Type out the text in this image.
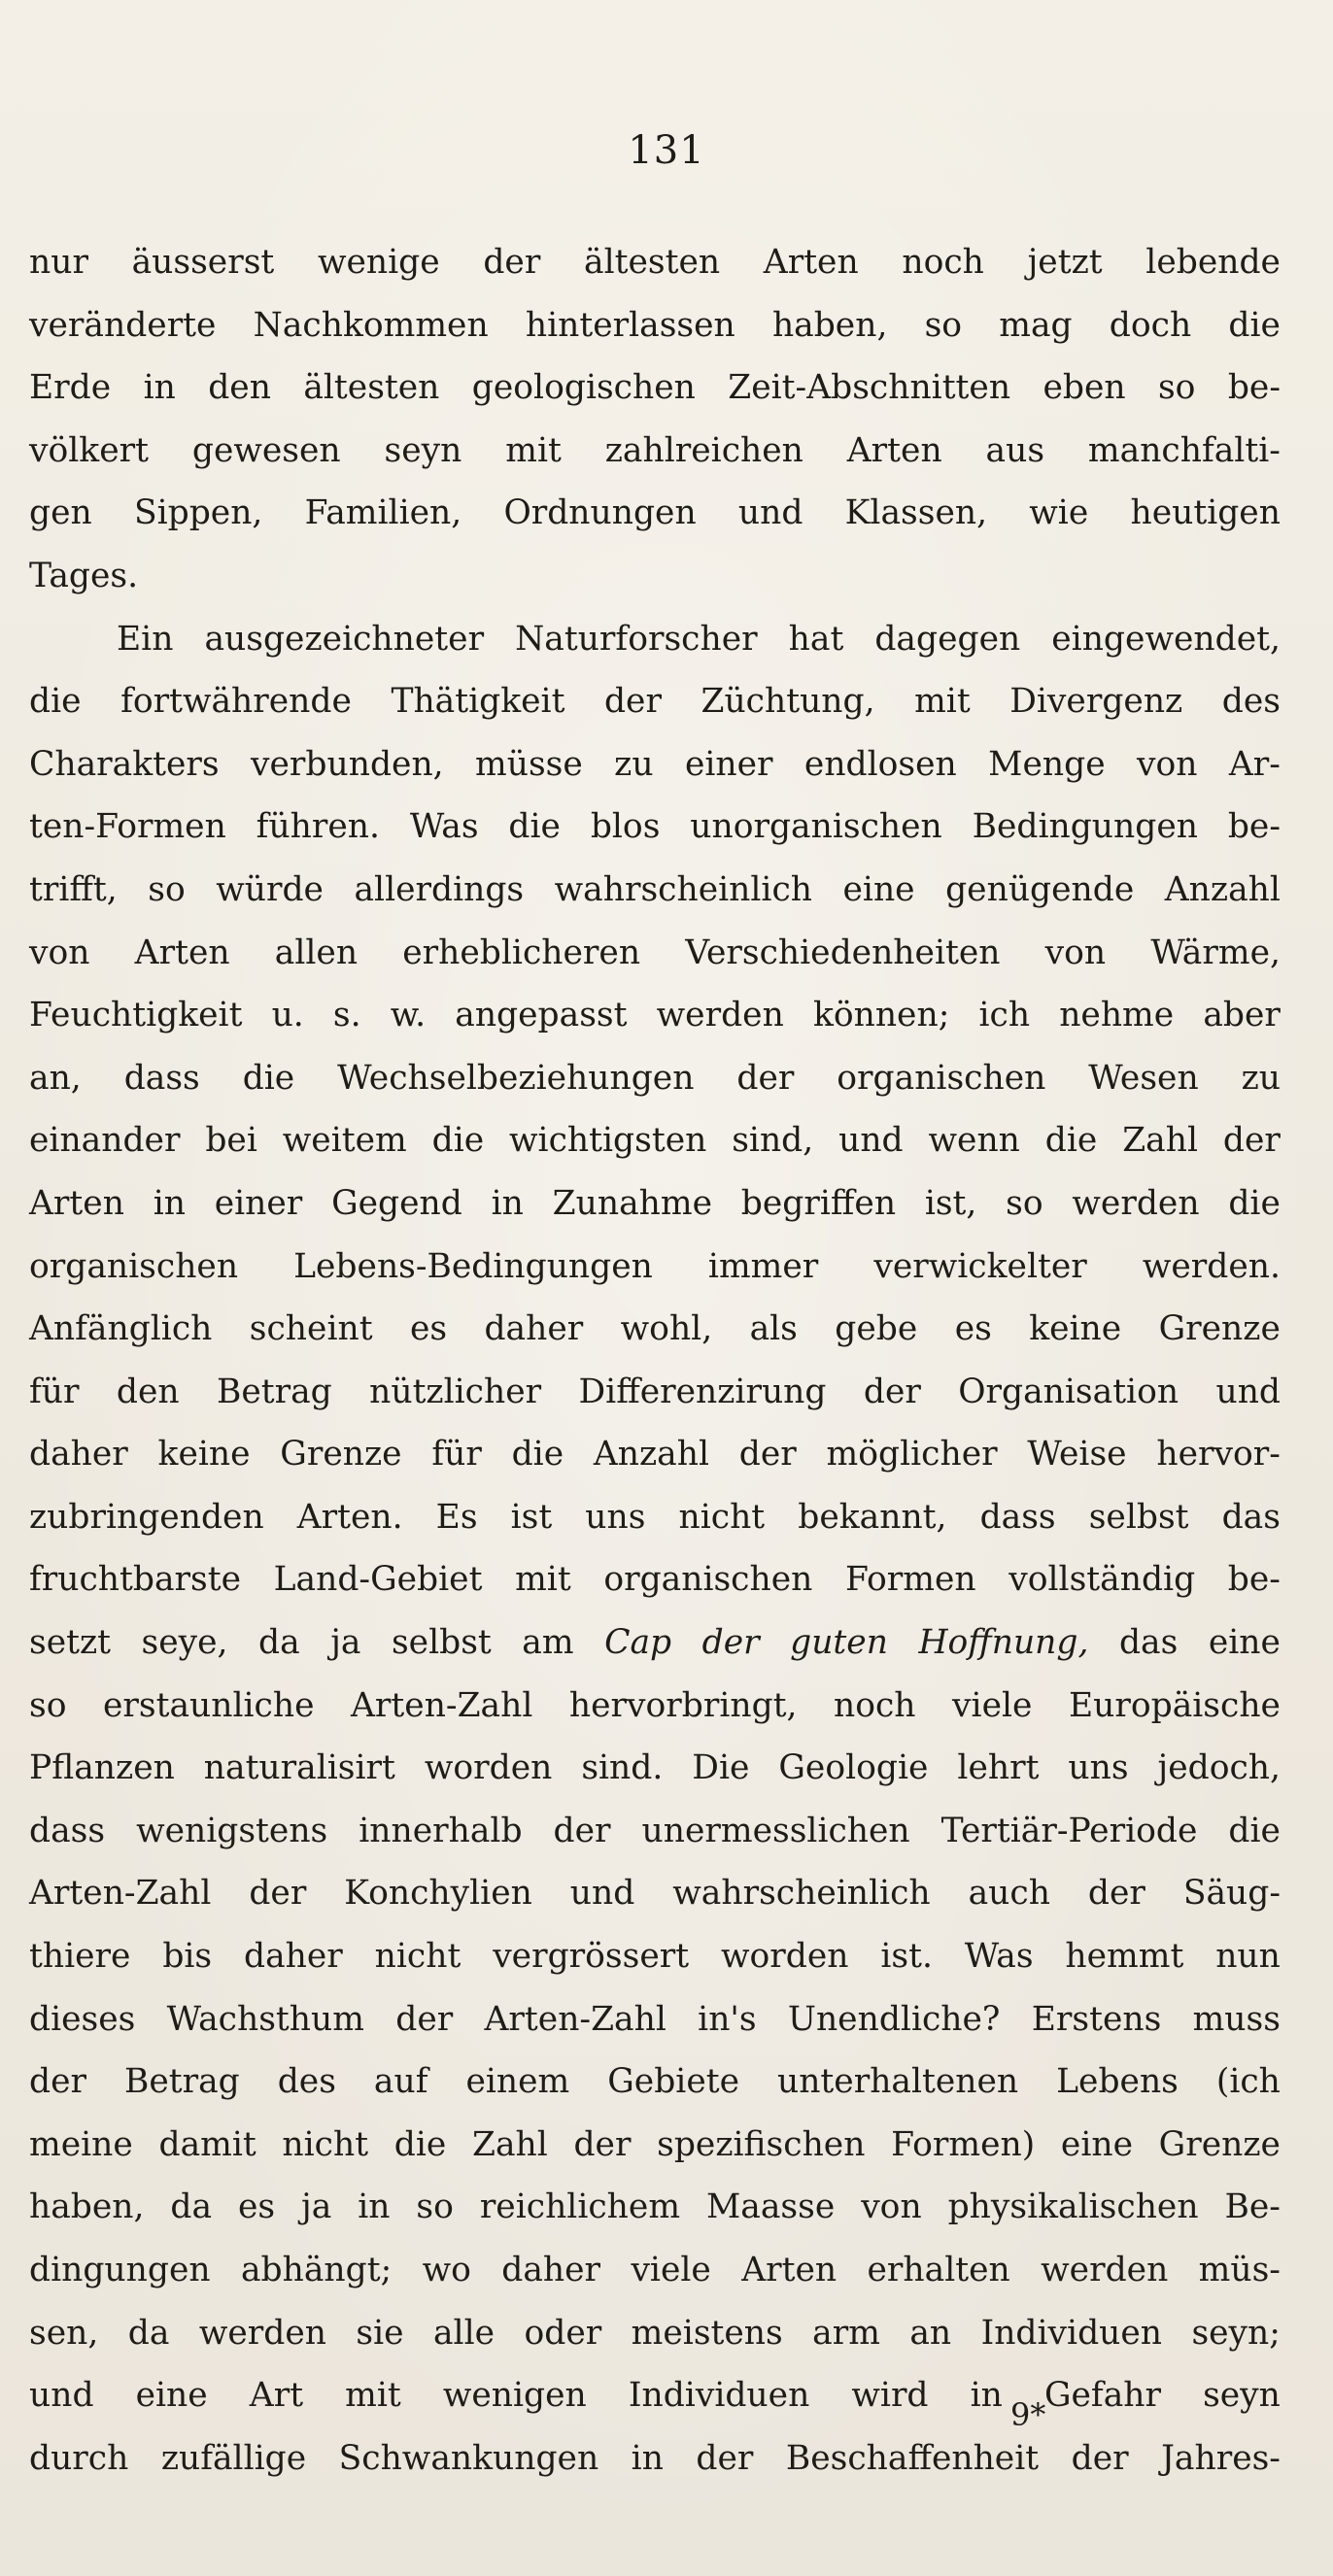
131
nur äusserst wenige der ältesten Arten noch jetzt lebende
veränderte Nachkommen hinterlassen haben, so mag doch die
Erde in den ältesten geologischen Zeit-Abschnitten eben so be-
völkert gewesen seyn mit zahlreichen Arten aus manchfalti-
gen Sippen, Familien, Ordnungen und Klassen, wie heutigen
Tages.
Ein ausgezeichneter Naturforscher hat dagegen eingewendet,
die fortwährende Thätigkeit der Züchtung, mit Divergenz des
Charakters verbunden, müsse zu einer endlosen Menge von Ar-
ten-Formen führen. Was die blos unorganischen Bedingungen be-
trifft, so würde allerdings wahrscheinlich eine genügende Anzahl
von Arten allen erheblicheren Verschiedenheiten von Wärme,
Feuchtigkeit u. s. w. angepasst werden können; ich nehme aber
an, dass die Wechselbeziehungen der organischen Wesen zu
einander bei weitem die wichtigsten sind, und wenn die Zahl der
Arten in einer Gegend in Zunahme begriffen ist, so werden die
organischen Lebens-Bedingungen immer verwickelter werden.
Anfänglich scheint es daher wohl, als gebe es keine Grenze
für den Betrag nützlicher Differenzirung der Organisation und
daher keine Grenze für die Anzahl der möglicher Weise hervor-
zubringenden Arten. Es ist uns nicht bekannt, dass selbst das
fruchtbarste Land-Gebiet mit organischen Formen vollständig be-
setzt seye, da ja selbst am Cap der guten Hoffnung, das eine
so erstaunliche Arten-Zahl hervorbringt, noch viele Europäische
Pflanzen naturalisirt worden sind. Die Geologie lehrt uns jedoch,
dass wenigstens innerhalb der unermesslichen Tertiär-Periode die
Arten-Zahl der Konchylien und wahrscheinlich auch der Säug-
thiere bis daher nicht vergrössert worden ist. Was hemmt nun
dieses Wachsthum der Arten-Zahl in's Unendliche? Erstens muss
der Betrag des auf einem Gebiete unterhaltenen Lebens (ich
meine damit nicht die Zahl der spezifischen Formen) eine Grenze
haben, da es ja in so reichlichem Maasse von physikalischen Be-
dingungen abhängt; wo daher viele Arten erhalten werden müs-
sen, da werden sie alle oder meistens arm an Individuen seyn;
und eine Art mit wenigen Individuen wird in Gefahr seyn
durch zufällige Schwankungen in der Beschaffenheit der Jahres-
9*
